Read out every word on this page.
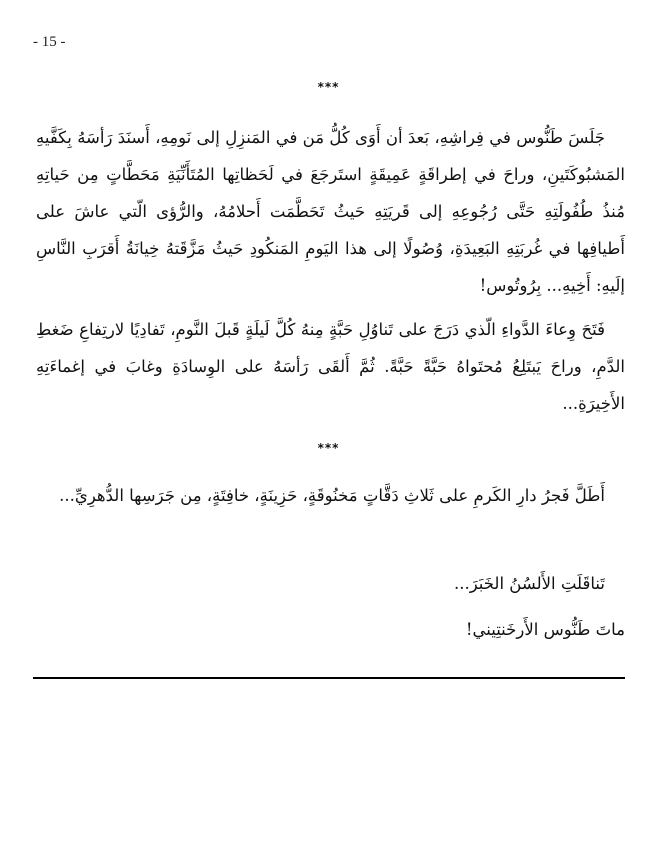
- 15 -
***

جَلَسَ طَنُّوس في فِراشِهِ، بَعدَ أن أَوَى كُلُّ مَن في المَنزِلِ إلى نَومِهِ، أَسنَدَ رَأسَهُ بِكَفَّيهِ المَشبُوكَتَينِ، وراحَ في إطراقَةٍ عَمِيقَةٍ استَرجَعَ في لَحَظاتِها المُتَأَنِّيَةِ مَحَطَّاتٍ مِن حَياتِهِ مُنذُ طُفُولَتِهِ حَتَّى رُجُوعِهِ إلى قَريَتِهِ حَيثُ تَحَطَّمَت أَحلامُهُ، والرُّؤى الّتي عاشَ على أَطيافِها في غُربَتِهِ البَعِيدَةِ، وُصُولًا إلى هذا اليَومِ المَنكُودِ حَيثُ مَزَّقَتهُ خِيانَةُ أَقرَبِ النَّاسِ إلَيهِ: أَخِيهِ... بِرُوتُوس!

فَتَحَ وِعاءَ الدَّواءِ الّذي دَرَجَ على تَناوُلِ حَبَّةٍ مِنهُ كُلَّ لَيلَةٍ قَبلَ النَّومِ، تَفادِيًا لارتِفاعِ ضَغطِ الدَّمِ، وراحَ يَبتَلِعُ مُحتَواهُ حَبَّةً حَبَّةً. ثُمَّ أَلقَى رَأسَهُ على الوِسادَةِ وغابَ في إغماءَتِهِ الأَخِيرَةِ...

***

أَطَلَّ فَجرُ دارِ الكَرمِ على ثَلاثِ دَقَّاتٍ مَخنُوقَةٍ، حَزِينَةٍ، خافِتَةٍ، مِن جَرَسِها الدُّهرِيِّ...

تَناقَلَتِ الأَلسُنُ الخَبَرَ...

ماتَ طَنُّوس الأَرخَنتِيني!
